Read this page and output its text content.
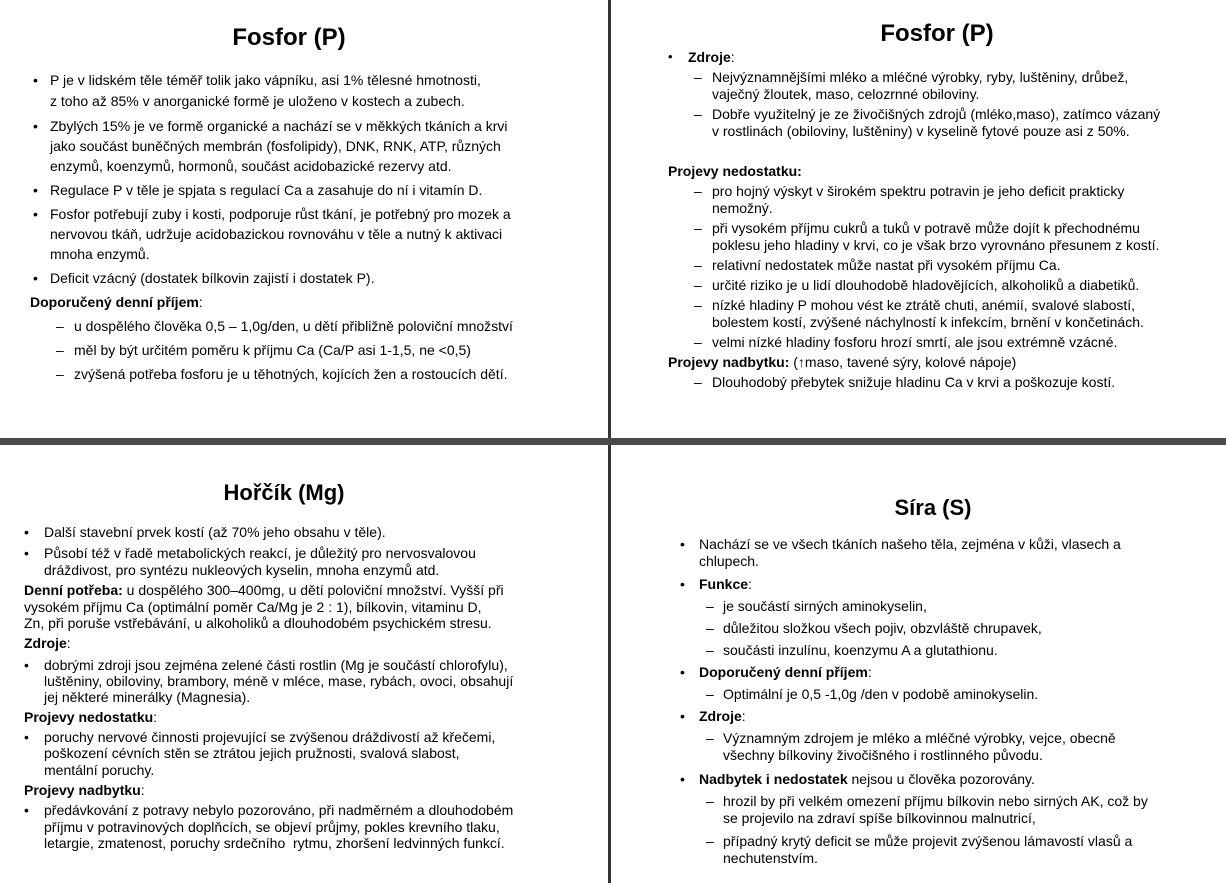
Fosfor (P)
• P je v lidském těle téměř tolik jako vápníku, asi 1% tělesné hmotnosti,
z toho až 85% v anorganické formě je uloženo v kostech a zubech.
• Zbylých 15% je ve formě organické a nachází se v měkkých tkáních a krvi
jako součást buněčných membrán (fosfolipidy), DNK, RNK, ATP, různých
enzymů, koenzymů, hormonů, součást acidobazické rezervy atd.
• Regulace P v těle je spjata s regulací Ca a zasahuje do ní i vitamín D.
• Fosfor potřebují zuby i kosti, podporuje růst tkání, je potřebný pro mozek a
nervovou tkáň, udržuje acidobazickou rovnováhu v těle a nutný k aktivaci
mnoha enzymů.
• Deficit vzácný (dostatek bílkovin zajistí i dostatek P).
Doporučený denní příjem:
– u dospělého člověka 0,5 – 1,0g/den, u dětí přibližně poloviční množství
– měl by být určitém poměru k příjmu Ca (Ca/P asi 1-1,5, ne <0,5)
– zvýšená potřeba fosforu je u těhotných, kojících žen a rostoucích dětí.
Fosfor (P)
• Zdroje:
– Nejvýznamnějšími mléko a mléčné výrobky, ryby, luštěniny, drůbež,
vaječný žloutek, maso, celozrnné obiloviny.
– Dobře využitelný je ze živočišných zdrojů (mléko,maso), zatímco vázaný
v rostlinách (obiloviny, luštěniny) v kyselině fytové pouze asi z 50%.
Projevy nedostatku:
– pro hojný výskyt v širokém spektru potravin je jeho deficit prakticky
nemožný.
– při vysokém příjmu cukrů a tuků v potravě může dojít k přechodnému
poklesu jeho hladiny v krvi, co je však brzo vyrovnáno přesunem z kostí.
– relativní nedostatek může nastat při vysokém příjmu Ca.
– určité riziko je u lidí dlouhodobě hladovějících, alkoholiků a diabetiků.
– nízké hladiny P mohou vést ke ztrátě chuti, anémií, svalové slabostí,
bolestem kostí, zvýšené náchylností k infekcím, brnění v končetinách.
– velmi nízké hladiny fosforu hrozí smrtí, ale jsou extrémně vzácné.
Projevy nadbytku: (↑maso, tavené sýry, kolové nápoje)
– Dlouhodobý přebytek snižuje hladinu Ca v krvi a poškozuje kostí.
Hořčík (Mg)
• Další stavební prvek kostí (až 70% jeho obsahu v těle).
• Působí též v řadě metabolických reakcí, je důležitý pro nervosvalovou
dráždivost, pro syntézu nukleových kyselin, mnoha enzymů atd.
Denní potřeba: u dospělého 300–400mg, u dětí poloviční množství. Vyšší při
vysokém příjmu Ca (optimální poměr Ca/Mg je 2 : 1), bílkovin, vitaminu D,
Zn, při poruše vstřebávání, u alkoholiků a dlouhodobém psychickém stresu.
Zdroje:
• dobrými zdroji jsou zejména zelené části rostlin (Mg je součástí chlorofylu),
luštěniny, obiloviny, brambory, méně v mléce, mase, rybách, ovoci, obsahují
jej některé minerálky (Magnesia).
Projevy nedostatku:
• poruchy nervové činnosti projevující se zvýšenou dráždivostí až křečemi,
poškození cévních stěn se ztrátou jejich pružnosti, svalová slabost,
mentální poruchy.
Projevy nadbytku:
• předávkování z potravy nebylo pozorováno, při nadměrném a dlouhodobém
příjmu v potravinových doplňcích, se objeví průjmy, pokles krevního tlaku,
letargie, zmatenost, poruchy srdečního  rytmu, zhoršení ledvinných funkcí.
Síra (S)
• Nachází se ve všech tkáních našeho těla, zejména v kůži, vlasech a
chlupech.
• Funkce:
– je součástí sirných aminokyselin,
– důležitou složkou všech pojiv, obzvláště chrupavek,
– součásti inzulínu, koenzymu A a glutathionu.
• Doporučený denní příjem:
– Optimální je 0,5 -1,0g /den v podobě aminokyselin.
• Zdroje:
– Významným zdrojem je mléko a mléčné výrobky, vejce, obecně
všechny bílkoviny živočišného i rostlinného původu.
• Nadbytek i nedostatek nejsou u člověka pozorovány.
– hrozil by při velkém omezení příjmu bílkovin nebo sirných AK, což by
se projevilo na zdraví spíše bílkovinnou malnutricí,
– případný krytý deficit se může projevit zvýšenou lámavostí vlasů a
nechutenstvím.
